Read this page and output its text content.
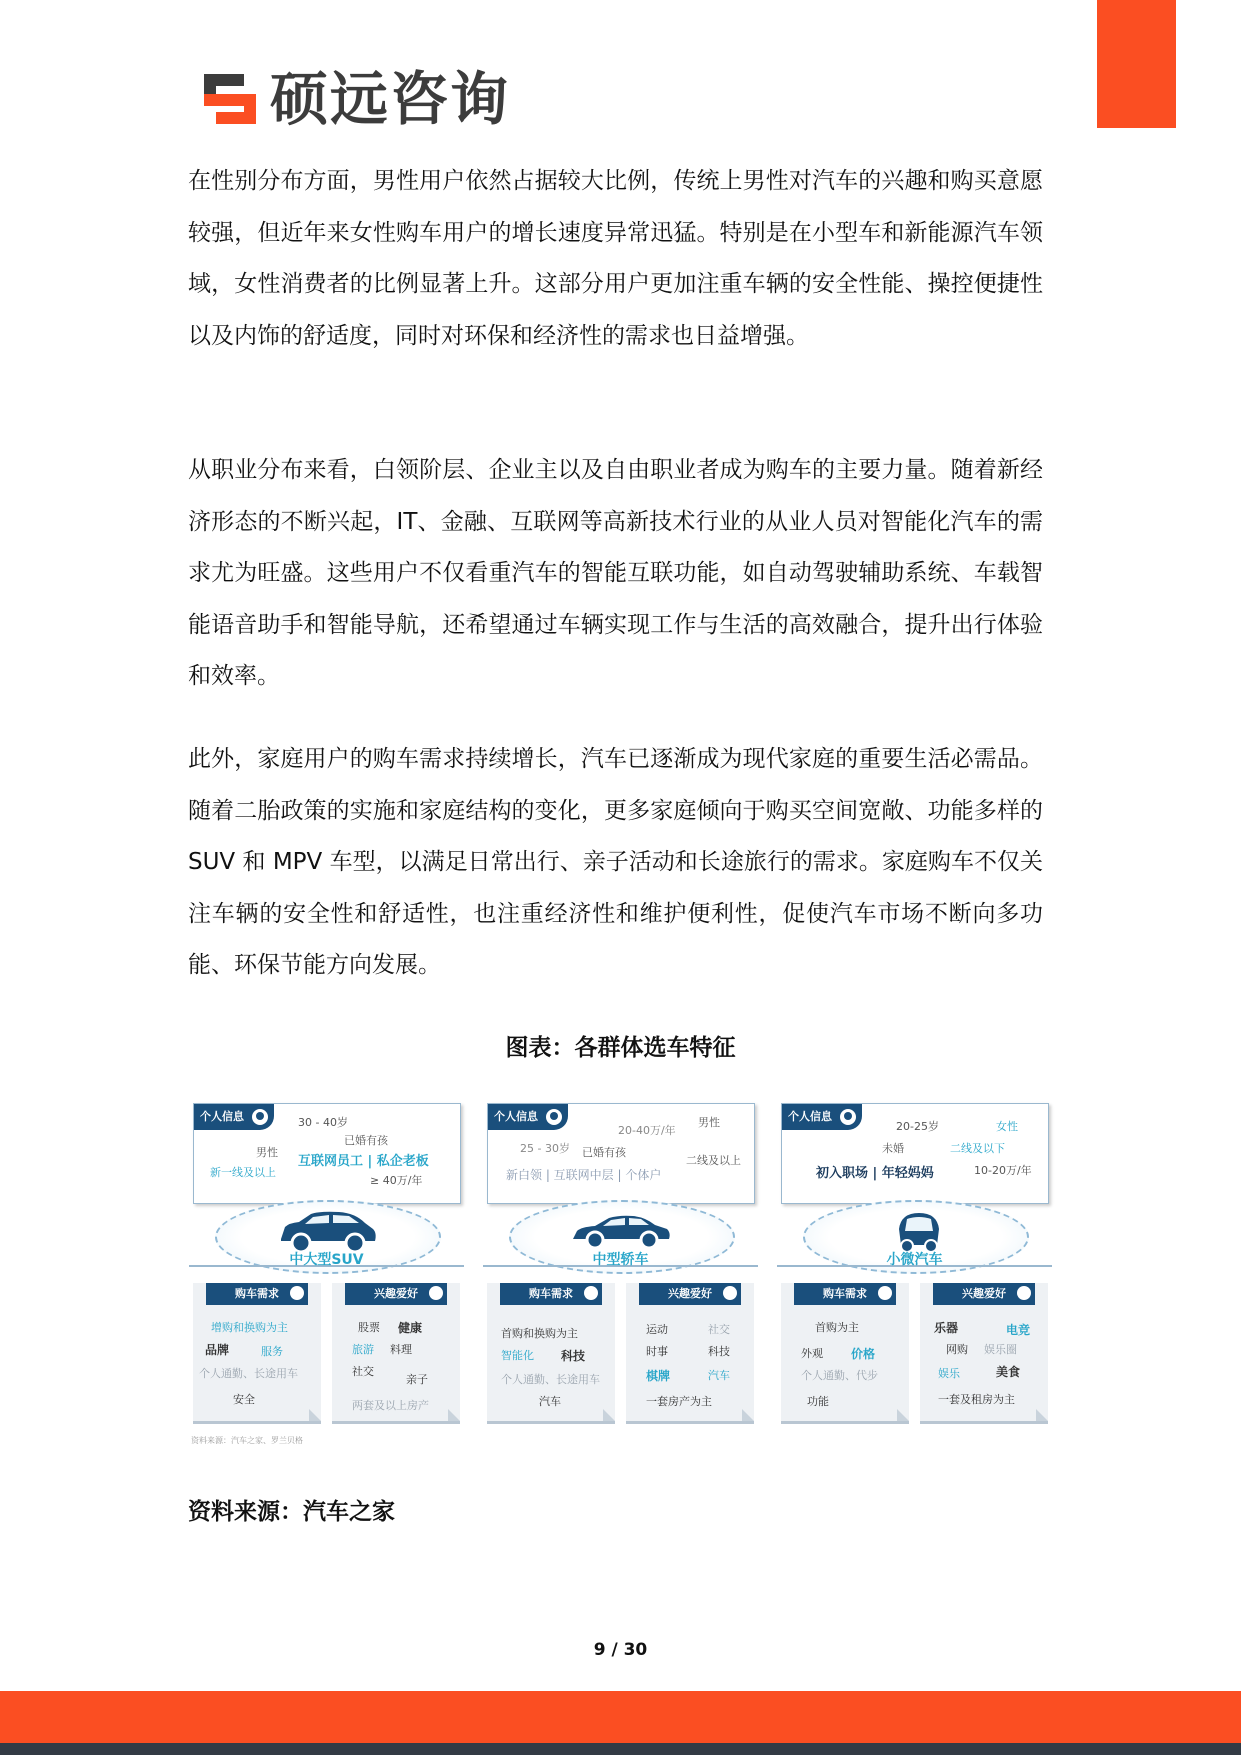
硕远咨询

在性别分布方面，男性用户依然占据较大比例，传统上男性对汽车的兴趣和购买意愿较强，但近年来女性购车用户的增长速度异常迅猛。特别是在小型车和新能源汽车领域，女性消费者的比例显著上升。这部分用户更加注重车辆的安全性能、操控便捷性以及内饰的舒适度，同时对环保和经济性的需求也日益增强。

从职业分布来看，白领阶层、企业主以及自由职业者成为购车的主要力量。随着新经济形态的不断兴起，IT、金融、互联网等高新技术行业的从业人员对智能化汽车的需求尤为旺盛。这些用户不仅看重汽车的智能互联功能，如自动驾驶辅助系统、车载智能语音助手和智能导航，还希望通过车辆实现工作与生活的高效融合，提升出行体验和效率。

此外，家庭用户的购车需求持续增长，汽车已逐渐成为现代家庭的重要生活必需品。随着二胎政策的实施和家庭结构的变化，更多家庭倾向于购买空间宽敞、功能多样的 SUV 和 MPV 车型，以满足日常出行、亲子活动和长途旅行的需求。家庭购车不仅关注车辆的安全性和舒适性，也注重经济性和维护便利性，促使汽车市场不断向多功能、环保节能方向发展。

图表：各群体选车特征
个人信息	30 - 40岁
已婚有孩
男性
互联网员工 | 私企老板
新一线及以上
≥ 40万/年
中大型SUV
购车需求
增购和换购为主
品牌	服务
个人通勤、长途用车
安全
兴趣爱好
股票 健康
旅游 料理
社交
亲子
两套及以上房产
个人信息
20-40万/年
男性
25 - 30岁 已婚有孩
二线及以上
新白领 | 互联网中层 | 个体户
中型轿车
购车需求
首购和换购为主
智能化 科技
个人通勤、长途用车
汽车
兴趣爱好
运动	社交
时事	科技
棋牌	汽车
一套房产为主
个人信息
20-25岁	女性
未婚	二线及以下
初入职场 | 年轻妈妈	10-20万/年
小微汽车
购车需求
首购为主
外观 价格
个人通勤、代步
功能
兴趣爱好
乐器	电竞
网购 娱乐圈
娱乐	美食
一套及租房为主
资料来源：汽车之家、罗兰贝格
资料来源：汽车之家
9 / 30
